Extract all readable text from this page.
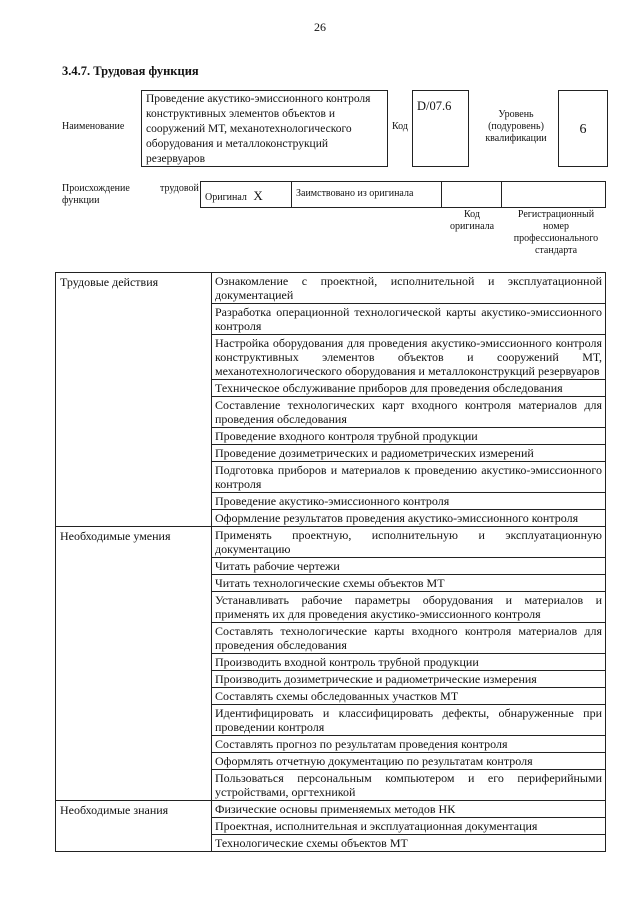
26
3.4.7. Трудовая функция
Наименование
Проведение акустико-эмиссионного контроля конструктивных элементов объектов и сооружений МТ, механотехнологического оборудования и металлоконструкций резервуаров
Код
D/07.6
Уровень (подуровень) квалификации
6
Происхождение функции
трудовой
Оригинал X	Заимствовано из оригинала
Код оригинала
Регистрационный номер профессионального стандарта
Трудовые действия	Ознакомление с проектной, исполнительной и эксплуатационной документацией
	Разработка операционной технологической карты акустико-эмиссионного контроля
	Настройка оборудования для проведения акустико-эмиссионного контроля конструктивных элементов объектов и сооружений МТ, механотехнологического оборудования и металлоконструкций резервуаров
	Техническое обслуживание приборов для проведения обследования
	Составление технологических карт входного контроля материалов для проведения обследования
	Проведение входного контроля трубной продукции
	Проведение дозиметрических и радиометрических измерений
	Подготовка приборов и материалов к проведению акустико-эмиссионного контроля
	Проведение акустико-эмиссионного контроля
	Оформление результатов проведения акустико-эмиссионного контроля
Необходимые умения	Применять проектную, исполнительную и эксплуатационную документацию
	Читать рабочие чертежи
	Читать технологические схемы объектов МТ
	Устанавливать рабочие параметры оборудования и материалов и применять их для проведения акустико-эмиссионного контроля
	Составлять технологические карты входного контроля материалов для проведения обследования
	Производить входной контроль трубной продукции
	Производить дозиметрические и радиометрические измерения
	Составлять схемы обследованных участков МТ
	Идентифицировать и классифицировать дефекты, обнаруженные при проведении контроля
	Составлять прогноз по результатам проведения контроля
	Оформлять отчетную документацию по результатам контроля
	Пользоваться персональным компьютером и его периферийными устройствами, оргтехникой
Необходимые знания	Физические основы применяемых методов НК
	Проектная, исполнительная и эксплуатационная документация
	Технологические схемы объектов МТ
